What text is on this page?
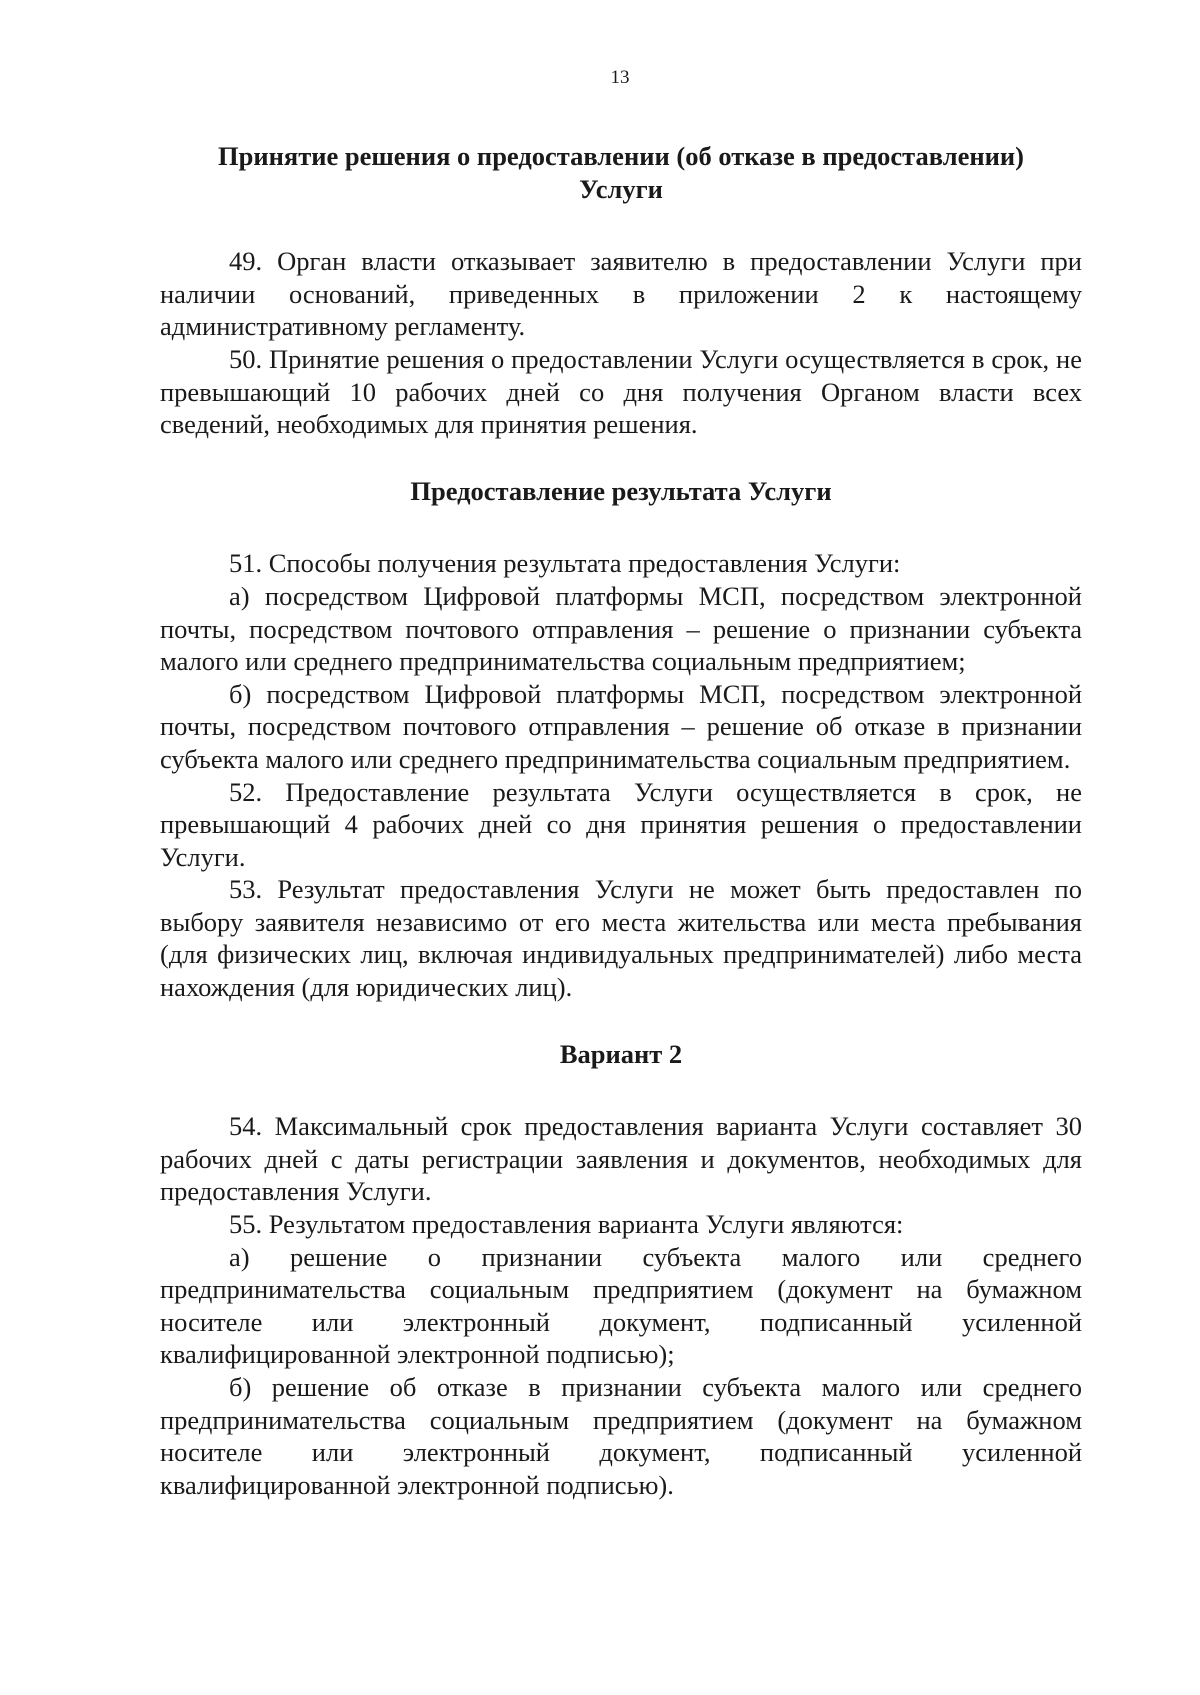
13
Принятие решения о предоставлении (об отказе в предоставлении)
Услуги

49. Орган власти отказывает заявителю в предоставлении Услуги при наличии оснований, приведенных в приложении 2 к настоящему административному регламенту.

50. Принятие решения о предоставлении Услуги осуществляется в срок, не превышающий 10 рабочих дней со дня получения Органом власти всех сведений, необходимых для принятия решения.

Предоставление результата Услуги

51. Способы получения результата предоставления Услуги:

а) посредством Цифровой платформы МСП, посредством электронной почты, посредством почтового отправления – решение о признании субъекта малого или среднего предпринимательства социальным предприятием;

б) посредством Цифровой платформы МСП, посредством электронной почты, посредством почтового отправления – решение об отказе в признании субъекта малого или среднего предпринимательства социальным предприятием.

52. Предоставление результата Услуги осуществляется в срок, не превышающий 4 рабочих дней со дня принятия решения о предоставлении Услуги.

53. Результат предоставления Услуги не может быть предоставлен по выбору заявителя независимо от его места жительства или места пребывания (для физических лиц, включая индивидуальных предпринимателей) либо места нахождения (для юридических лиц).

Вариант 2

54. Максимальный срок предоставления варианта Услуги составляет 30 рабочих дней с даты регистрации заявления и документов, необходимых для предоставления Услуги.

55. Результатом предоставления варианта Услуги являются:

а) решение о признании субъекта малого или среднего предпринимательства социальным предприятием (документ на бумажном носителе или электронный документ, подписанный усиленной квалифицированной электронной подписью);

б) решение об отказе в признании субъекта малого или среднего предпринимательства социальным предприятием (документ на бумажном носителе или электронный документ, подписанный усиленной квалифицированной электронной подписью).
